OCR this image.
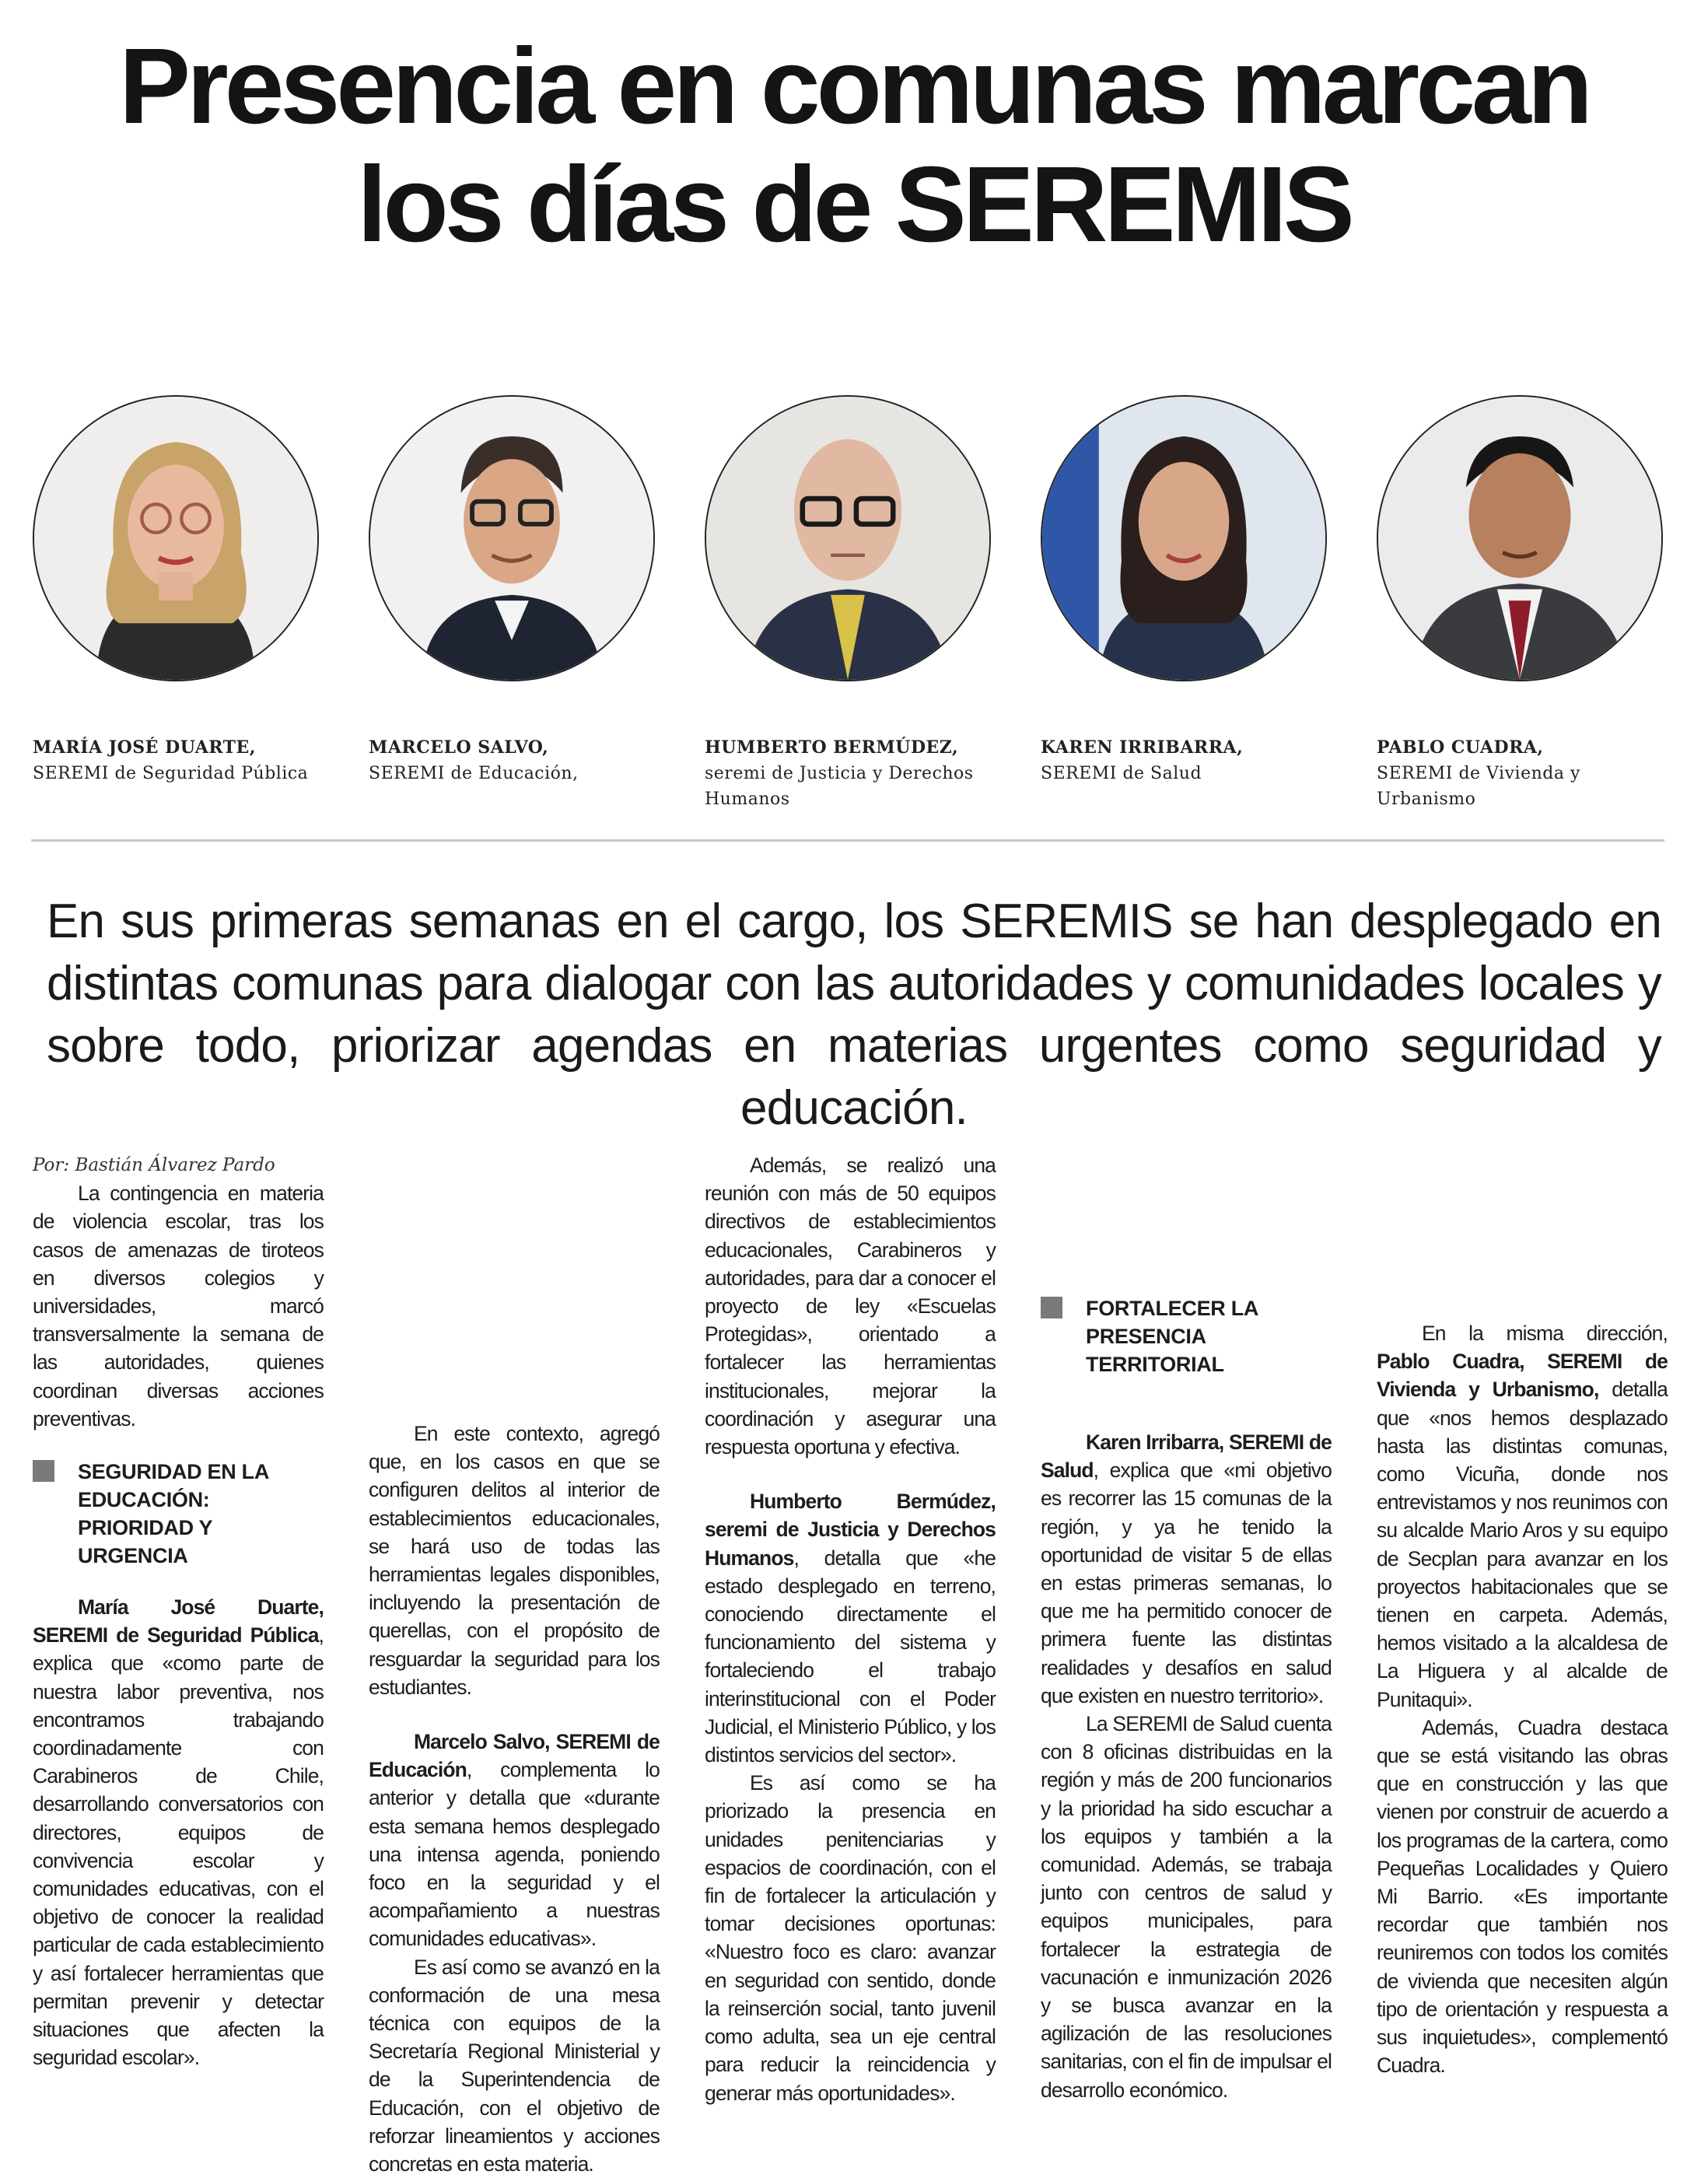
Presencia en comunas marcan
los días de SEREMIS
MARÍA JOSÉ DUARTE,
SEREMI de Seguridad Pública
MARCELO SALVO,
SEREMI de Educación,
HUMBERTO BERMÚDEZ,
seremi de Justicia y Derechos Humanos
KAREN IRRIBARRA,
SEREMI de Salud
PABLO CUADRA,
SEREMI de Vivienda y Urbanismo

En sus primeras semanas en el cargo, los SEREMIS se han desplegado en distintas comunas para dialogar con las autoridades y comunidades locales y sobre todo, priorizar agendas en materias urgentes como seguridad y educación.

Por: Bastián Álvarez Pardo

La contingencia en materia de violencia escolar, tras los casos de amenazas de tiroteos en diversos colegios y universidades, marcó transversalmente la semana de las autoridades, quienes coordinan diversas acciones preventivas.

SEGURIDAD EN LA EDUCACIÓN: PRIORIDAD Y URGENCIA

María José Duarte, SEREMI de Seguridad Pública, explica que «como parte de nuestra labor preventiva, nos encontramos trabajando coordinadamente con Carabineros de Chile, desarrollando conversatorios con directores, equipos de convivencia escolar y comunidades educativas, con el objetivo de conocer la realidad particular de cada establecimiento y así fortalecer herramientas que permitan prevenir y detectar situaciones que afecten la seguridad escolar».

En este contexto, agregó que, en los casos en que se configuren delitos al interior de establecimientos educacionales, se hará uso de todas las herramientas legales disponibles, incluyendo la presentación de querellas, con el propósito de resguardar la seguridad para los estudiantes.

Marcelo Salvo, SEREMI de Educación, complementa lo anterior y detalla que «durante esta semana hemos desplegado una intensa agenda, poniendo foco en la seguridad y el acompañamiento a nuestras comunidades educativas».

Es así como se avanzó en la conformación de una mesa técnica con equipos de la Secretaría Regional Ministerial y de la Superintendencia de Educación, con el objetivo de reforzar lineamientos y acciones concretas en esta materia.

Además, se realizó una reunión con más de 50 equipos directivos de establecimientos educacionales, Carabineros y autoridades, para dar a conocer el proyecto de ley «Escuelas Protegidas», orientado a fortalecer las herramientas institucionales, mejorar la coordinación y asegurar una respuesta oportuna y efectiva.

Humberto Bermúdez, seremi de Justicia y Derechos Humanos, detalla que «he estado desplegado en terreno, conociendo directamente el funcionamiento del sistema y fortaleciendo el trabajo interinstitucional con el Poder Judicial, el Ministerio Público, y los distintos servicios del sector».

Es así como se ha priorizado la presencia en unidades penitenciarias y espacios de coordinación, con el fin de fortalecer la articulación y tomar decisiones oportunas: «Nuestro foco es claro: avanzar en seguridad con sentido, donde la reinserción social, tanto juvenil como adulta, sea un eje central para reducir la reincidencia y generar más oportunidades».

FORTALECER LA PRESENCIA TERRITORIAL

Karen Irribarra, SEREMI de Salud, explica que «mi objetivo es recorrer las 15 comunas de la región, y ya he tenido la oportunidad de visitar 5 de ellas en estas primeras semanas, lo que me ha permitido conocer de primera fuente las distintas realidades y desafíos en salud que existen en nuestro territorio».

La SEREMI de Salud cuenta con 8 oficinas distribuidas en la región y más de 200 funcionarios y la prioridad ha sido escuchar a los equipos y también a la comunidad. Además, se trabaja junto con centros de salud y equipos municipales, para fortalecer la estrategia de vacunación e inmunización 2026 y se busca avanzar en la agilización de las resoluciones sanitarias, con el fin de impulsar el desarrollo económico.

En la misma dirección, Pablo Cuadra, SEREMI de Vivienda y Urbanismo, detalla que «nos hemos desplazado hasta las distintas comunas, como Vicuña, donde nos entrevistamos y nos reunimos con su alcalde Mario Aros y su equipo de Secplan para avanzar en los proyectos habitacionales que se tienen en carpeta. Además, hemos visitado a la alcaldesa de La Higuera y al alcalde de Punitaqui».

Además, Cuadra destaca que se está visitando las obras que en construcción y las que vienen por construir de acuerdo a los programas de la cartera, como Pequeñas Localidades y Quiero Mi Barrio. «Es importante recordar que también nos reuniremos con todos los comités de vivienda que necesiten algún tipo de orientación y respuesta a sus inquietudes», complementó Cuadra.
